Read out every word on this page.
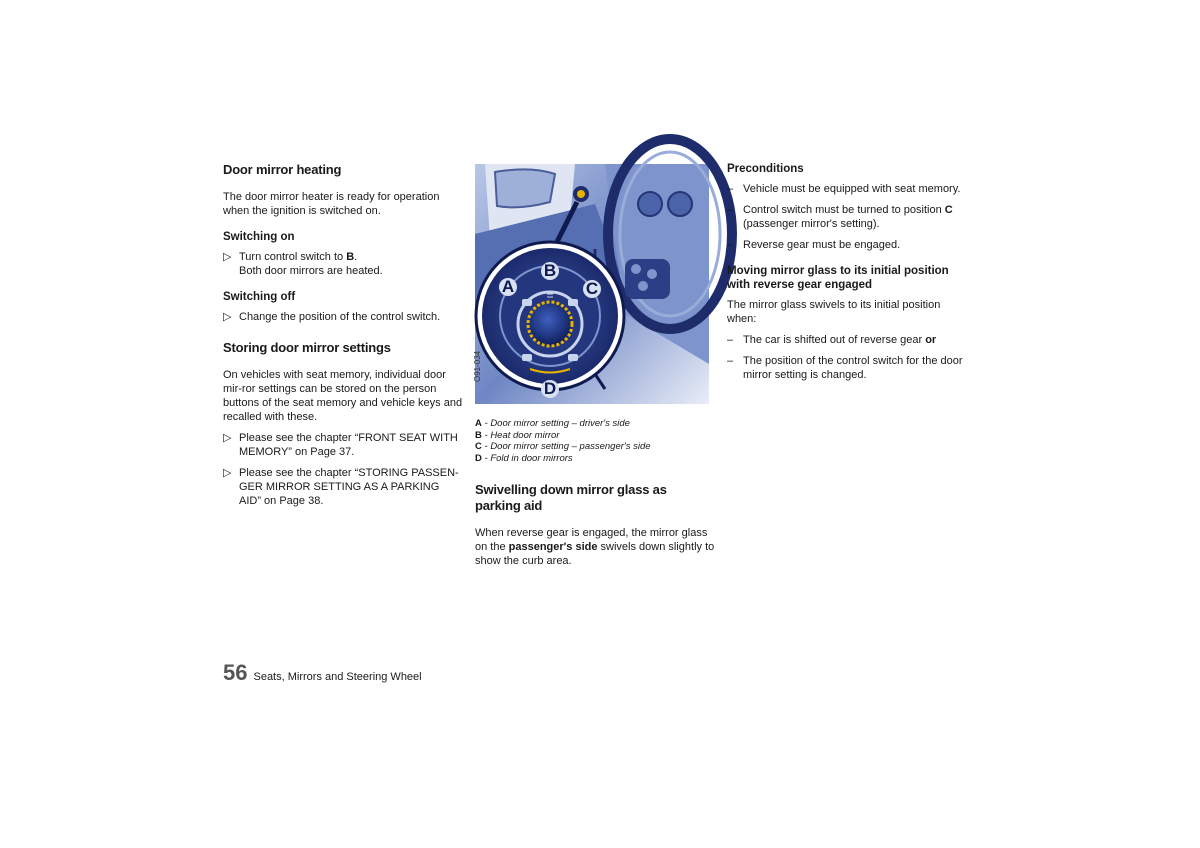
Door mirror heating

The door mirror heater is ready for operation when the ignition is switched on.

Switching on
▷ Turn control switch to B.
Both door mirrors are heated.
Switching off
▷ Change the position of the control switch.
Storing door mirror settings

On vehicles with seat memory, individual door mir-ror settings can be stored on the person buttons of the seat memory and vehicle keys and recalled with these.

▷ Please see the chapter “FRONT SEAT WITH MEMORY” on Page 37.
▷ Please see the chapter “STORING PASSEN-GER MIRROR SETTING AS A PARKING AID” on Page 38.
A
B
C
D
O91-034

A - Door mirror setting – driver's side

B - Heat door mirror

C - Door mirror setting – passenger's side

D - Fold in door mirrors

Swivelling down mirror glass as parking aid

When reverse gear is engaged, the mirror glass on the passenger's side swivels down slightly to show the curb area.

Preconditions
– Vehicle must be equipped with seat memory.
– Control switch must be turned to position C (passenger mirror's setting).
– Reverse gear must be engaged.
Moving mirror glass to its initial position with reverse gear engaged

The mirror glass swivels to its initial position when:

– The car is shifted out of reverse gear or
– The position of the control switch for the door mirror setting is changed.
56 Seats, Mirrors and Steering Wheel
